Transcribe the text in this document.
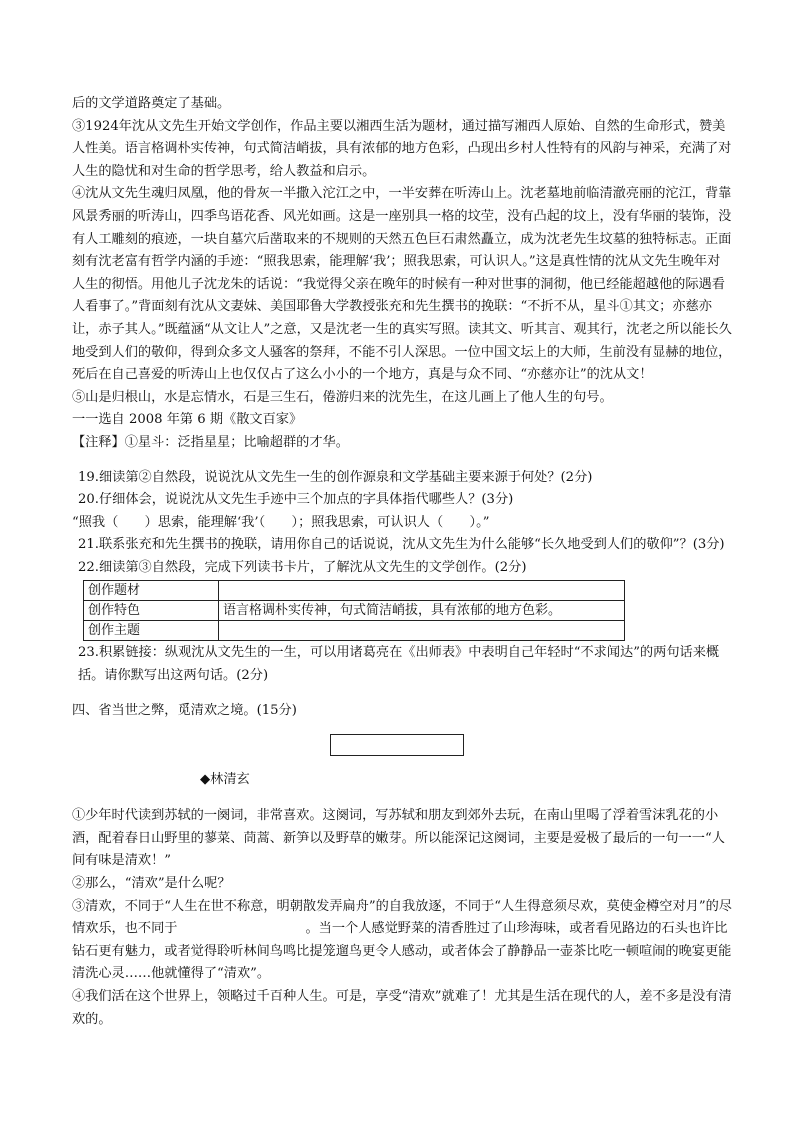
后的文学道路奠定了基础。

③1924年沈从文先生开始文学创作，作品主要以湘西生活为题材，通过描写湘西人原始、自然的生命形式，赞美人性美。语言格调朴实传神，句式简洁峭拔，具有浓郁的地方色彩，凸现出乡村人性特有的风韵与神采，充满了对人生的隐忧和对生命的哲学思考，给人教益和启示。

④沈从文先生魂归凤凰，他的骨灰一半撒入沱江之中，一半安葬在听涛山上。沈老墓地前临清澈亮丽的沱江，背靠风景秀丽的听涛山，四季鸟语花香、风光如画。这是一座别具一格的坟茔，没有凸起的坟上，没有华丽的装饰，没有人工雕刻的痕迹，一块自墓穴后凿取来的不规则的天然五色巨石肃然矗立，成为沈老先生坟墓的独特标志。正面刻有沈老富有哲学内涵的手迹：“照我思索，能理解‘我’；照我思索，可认识人。”这是真性情的沈从文先生晚年对人生的彻悟。用他儿子沈龙朱的话说：“我觉得父亲在晚年的时候有一种对世事的洞彻，他已经能超越他的际遇看人看事了。”背面刻有沈从文妻妹、美国耶鲁大学教授张充和先生撰书的挽联：“不折不从，星斗①其文；亦慈亦让，赤子其人。”既蕴涵“从文让人”之意，又是沈老一生的真实写照。读其文、听其言、观其行，沈老之所以能长久地受到人们的敬仰，得到众多文人骚客的祭拜，不能不引人深思。一位中国文坛上的大师，生前没有显赫的地位，死后在自己喜爱的听涛山上也仅仅占了这么小小的一个地方，真是与众不同、“亦慈亦让”的沈从文！

⑤山是归根山，水是忘情水，石是三生石，倦游归来的沈先生，在这儿画上了他人生的句号。

一一选自 2008 年第 6 期《散文百家》

【注释】①星斗：泛指星星；比喻超群的才华。

19.细读第②自然段，说说沈从文先生一生的创作源泉和文学基础主要来源于何处？(2分)

20.仔细体会，说说沈从文先生手迹中三个加点的字具体指代哪些人？(3分)

“照我（　　）思索，能理解‘我’（　　）；照我思索，可认识人（　　）。”

21.联系张充和先生撰书的挽联，请用你自己的话说说，沈从文先生为什么能够“长久地受到人们的敬仰”？(3分)

22.细读第③自然段，完成下列读书卡片，了解沈从文先生的文学创作。(2分)

创作题材	
创作特色	语言格调朴实传神，句式简洁峭拔，具有浓郁的地方色彩。
创作主题	

23.积累链接：纵观沈从文先生的一生，可以用诸葛亮在《出师表》中表明自己年轻时“不求闻达”的两句话来概括。请你默写出这两句话。(2分)

四、省当世之弊，觅清欢之境。(15分)

◆林清玄

①少年时代读到苏轼的一阕词，非常喜欢。这阕词，写苏轼和朋友到郊外去玩，在南山里喝了浮着雪沫乳花的小酒，配着春日山野里的蓼菜、茼蒿、新笋以及野草的嫩芽。所以能深记这阕词，主要是爱极了最后的一句一一“人间有味是清欢！”

②那么，“清欢”是什么呢？

③清欢，不同于“人生在世不称意，明朝散发弄扁舟”的自我放逐，不同于“人生得意须尽欢，莫使金樽空对月”的尽情欢乐，也不同于	。当一个人感觉野菜的清香胜过了山珍海味，或者看见路边的石头也许比钻石更有魅力，或者觉得聆听林间鸟鸣比提笼遛鸟更令人感动，或者体会了静静品一壶茶比吃一顿喧闹的晚宴更能清洗心灵……他就懂得了“清欢”。

④我们活在这个世界上，领略过千百种人生。可是，享受“清欢”就难了！尤其是生活在现代的人，差不多是没有清欢的。
